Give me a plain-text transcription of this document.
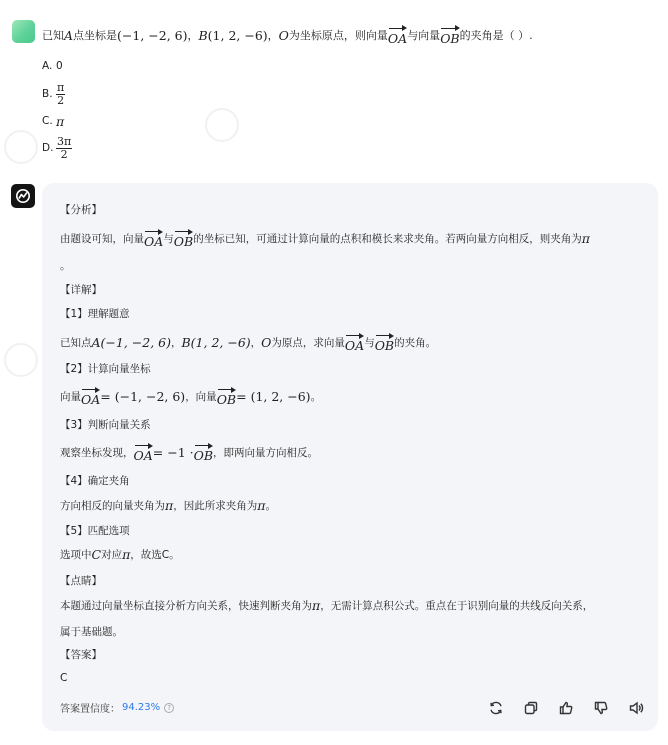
已知 A 点坐标是 (−1, −2, 6) ， B (1, 2, −6) ， O 为坐标原点，则向量 OA 与向量 OB 的夹角是（ ）.
A. 0
B. $\frac{\pi}{2}$
C. π
D. $\frac{3\pi}{2}$
【分析】
由题设可知，向量 OA 与 OB 的坐标已知，可通过计算向量的点积和模长来求夹角。若两向量方向相反，则夹角为 π
。
【详解】
【1】理解题意
已知点 A(−1, −2, 6) ， B(1, 2, −6) ， O 为原点，求向量 OA 与 OB 的夹角。
【2】计算向量坐标
向量 OA = (−1, −2, 6) ，向量 OB = (1, 2, −6) 。
【3】判断向量关系
观察坐标发现， OA = −1 · OB ，即两向量方向相反。
【4】确定夹角
方向相反的向量夹角为 π ，因此所求夹角为 π 。
【5】匹配选项
选项中 C 对应 π ，故选C。
【点睛】
本题通过向量坐标直接分析方向关系，快速判断夹角为 π ，无需计算点积公式。重点在于识别向量的共线反向关系，
属于基础题。
【答案】
C
答案置信度： 94.23%	?
